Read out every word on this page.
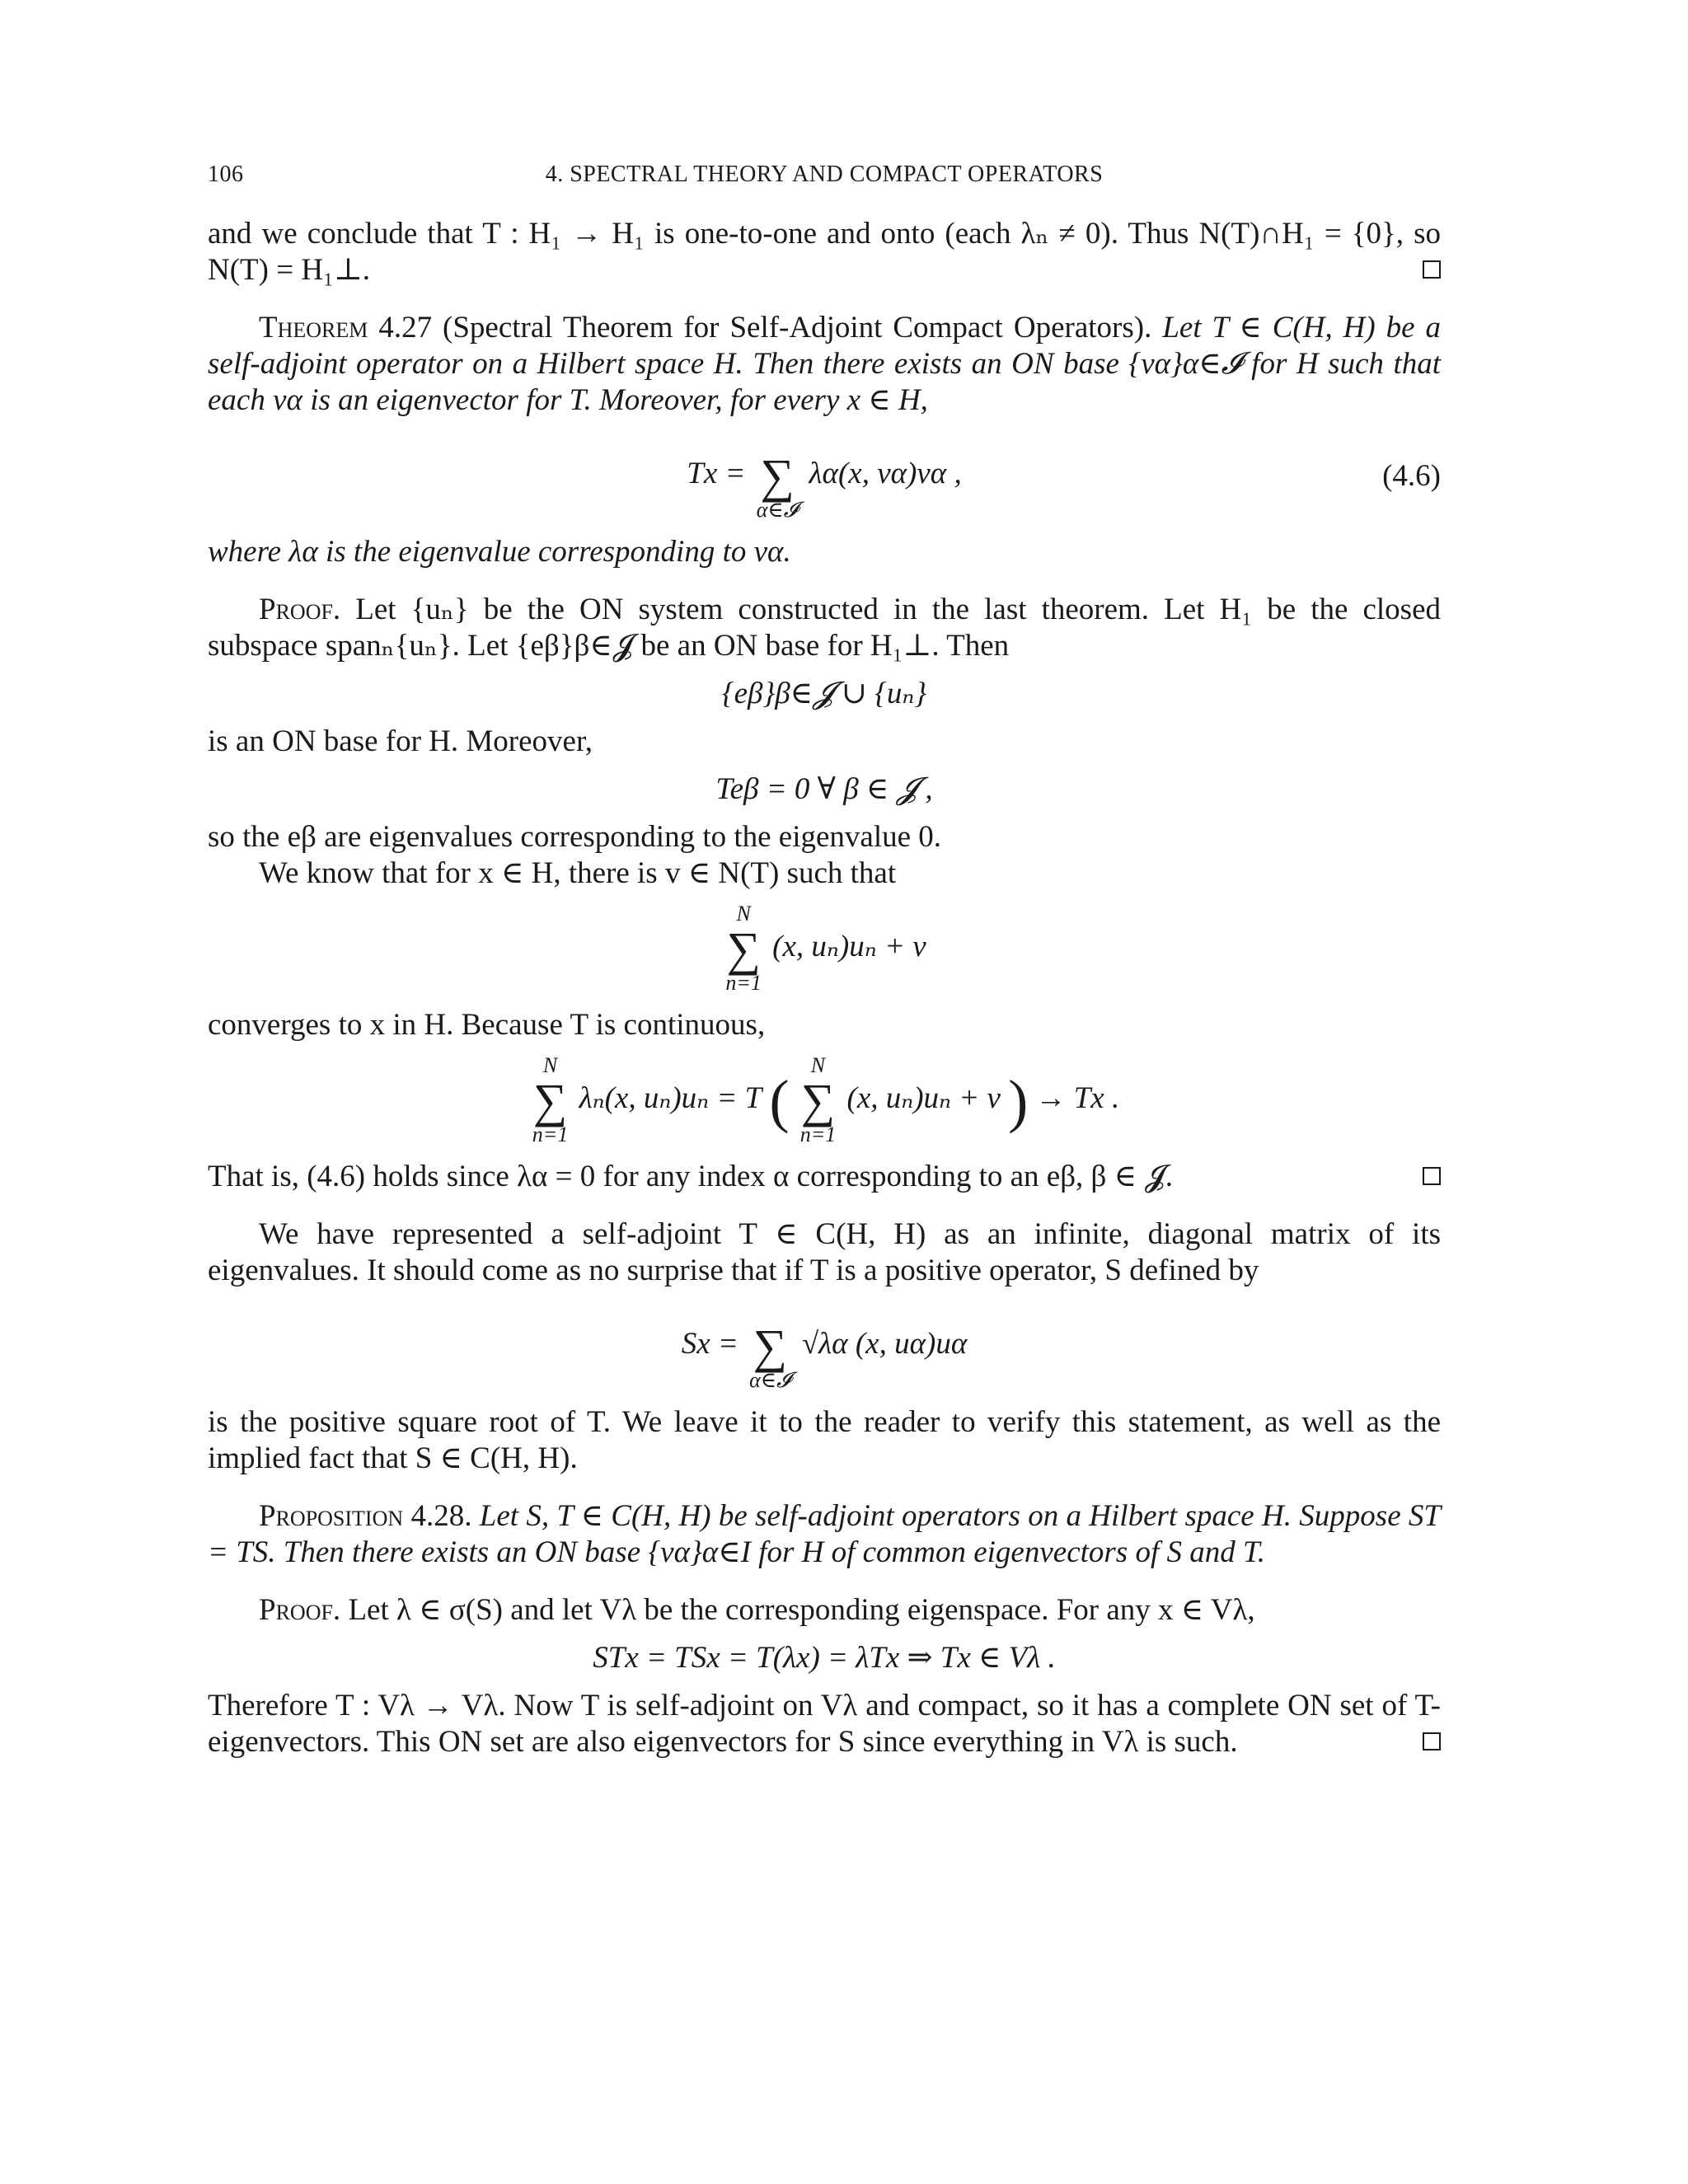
106	4. SPECTRAL THEORY AND COMPACT OPERATORS

and we conclude that T : H₁ → H₁ is one-to-one and onto (each λₙ ≠ 0). Thus N(T)∩H₁ = {0}, so N(T) = H₁⊥.

Theorem 4.27 (Spectral Theorem for Self-Adjoint Compact Operators). Let T ∈ C(H, H) be a self-adjoint operator on a Hilbert space H. Then there exists an ON base {vα}α∈𝓘 for H such that each vα is an eigenvector for T. Moreover, for every x ∈ H,

Tx = ∑
α∈𝓘
λα(x, vα)vα ,	(4.6)

where λα is the eigenvalue corresponding to vα.

Proof. Let {uₙ} be the ON system constructed in the last theorem. Let H₁ be the closed subspace spanₙ{uₙ}. Let {eβ}β∈𝓙 be an ON base for H₁⊥. Then

{eβ}β∈𝓙 ∪ {uₙ}

is an ON base for H. Moreover,

Teβ = 0 ∀ β ∈ 𝓙 ,

so the eβ are eigenvalues corresponding to the eigenvalue 0.

We know that for x ∈ H, there is v ∈ N(T) such that

N
∑
n=1
(x, uₙ)uₙ + v

converges to x in H. Because T is continuous,

N
∑
n=1
λₙ(x, uₙ)uₙ = T (
N
∑
n=1
(x, uₙ)uₙ + v ) → Tx .

That is, (4.6) holds since λα = 0 for any index α corresponding to an eβ, β ∈ 𝓙.

We have represented a self-adjoint T ∈ C(H, H) as an infinite, diagonal matrix of its eigenvalues. It should come as no surprise that if T is a positive operator, S defined by

Sx = ∑
α∈𝓘
√λα (x, uα)uα

is the positive square root of T. We leave it to the reader to verify this statement, as well as the implied fact that S ∈ C(H, H).

Proposition 4.28. Let S, T ∈ C(H, H) be self-adjoint operators on a Hilbert space H. Suppose ST = TS. Then there exists an ON base {vα}α∈I for H of common eigenvectors of S and T.

Proof. Let λ ∈ σ(S) and let Vλ be the corresponding eigenspace. For any x ∈ Vλ,

STx = TSx = T(λx) = λTx ⇒ Tx ∈ Vλ .

Therefore T : Vλ → Vλ. Now T is self-adjoint on Vλ and compact, so it has a complete ON set of T-eigenvectors. This ON set are also eigenvectors for S since everything in Vλ is such.
